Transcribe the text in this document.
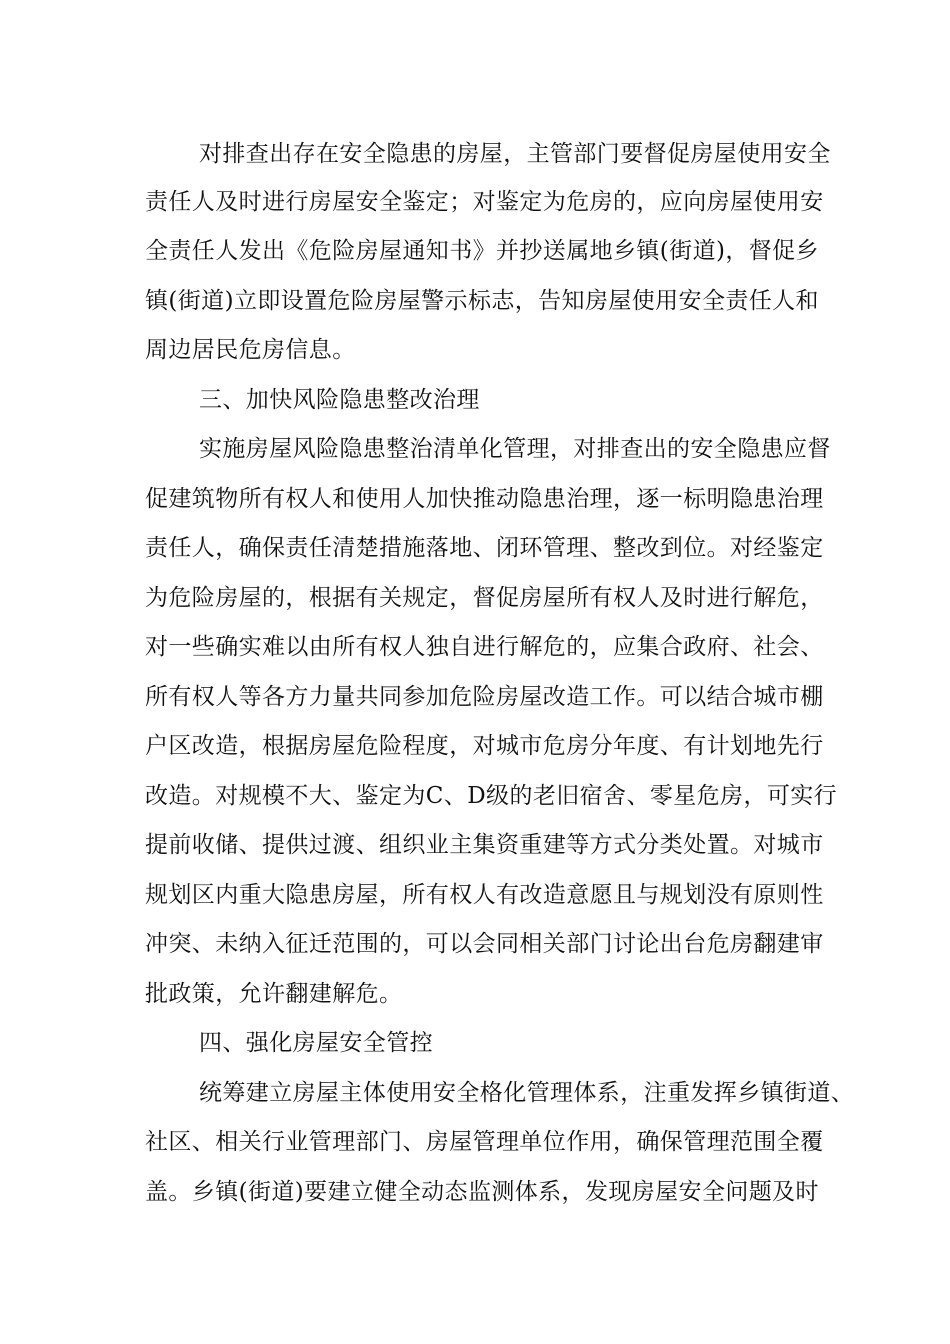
对排查出存在安全隐患的房屋，主管部门要督促房屋使用安全
责任人及时进行房屋安全鉴定；对鉴定为危房的，应向房屋使用安
全责任人发出《危险房屋通知书》并抄送属地乡镇(街道)，督促乡
镇(街道)立即设置危险房屋警示标志，告知房屋使用安全责任人和
周边居民危房信息。
三、加快风险隐患整改治理
实施房屋风险隐患整治清单化管理，对排查出的安全隐患应督
促建筑物所有权人和使用人加快推动隐患治理，逐一标明隐患治理
责任人，确保责任清楚措施落地、闭环管理、整改到位。对经鉴定
为危险房屋的，根据有关规定，督促房屋所有权人及时进行解危，
对一些确实难以由所有权人独自进行解危的，应集合政府、社会、
所有权人等各方力量共同参加危险房屋改造工作。可以结合城市棚
户区改造，根据房屋危险程度，对城市危房分年度、有计划地先行
改造。对规模不大、鉴定为C、D级的老旧宿舍、零星危房，可实行
提前收储、提供过渡、组织业主集资重建等方式分类处置。对城市
规划区内重大隐患房屋，所有权人有改造意愿且与规划没有原则性
冲突、未纳入征迁范围的，可以会同相关部门讨论出台危房翻建审
批政策，允许翻建解危。
四、强化房屋安全管控
统筹建立房屋主体使用安全格化管理体系，注重发挥乡镇街道、
社区、相关行业管理部门、房屋管理单位作用，确保管理范围全覆
盖。乡镇(街道)要建立健全动态监测体系，发现房屋安全问题及时
